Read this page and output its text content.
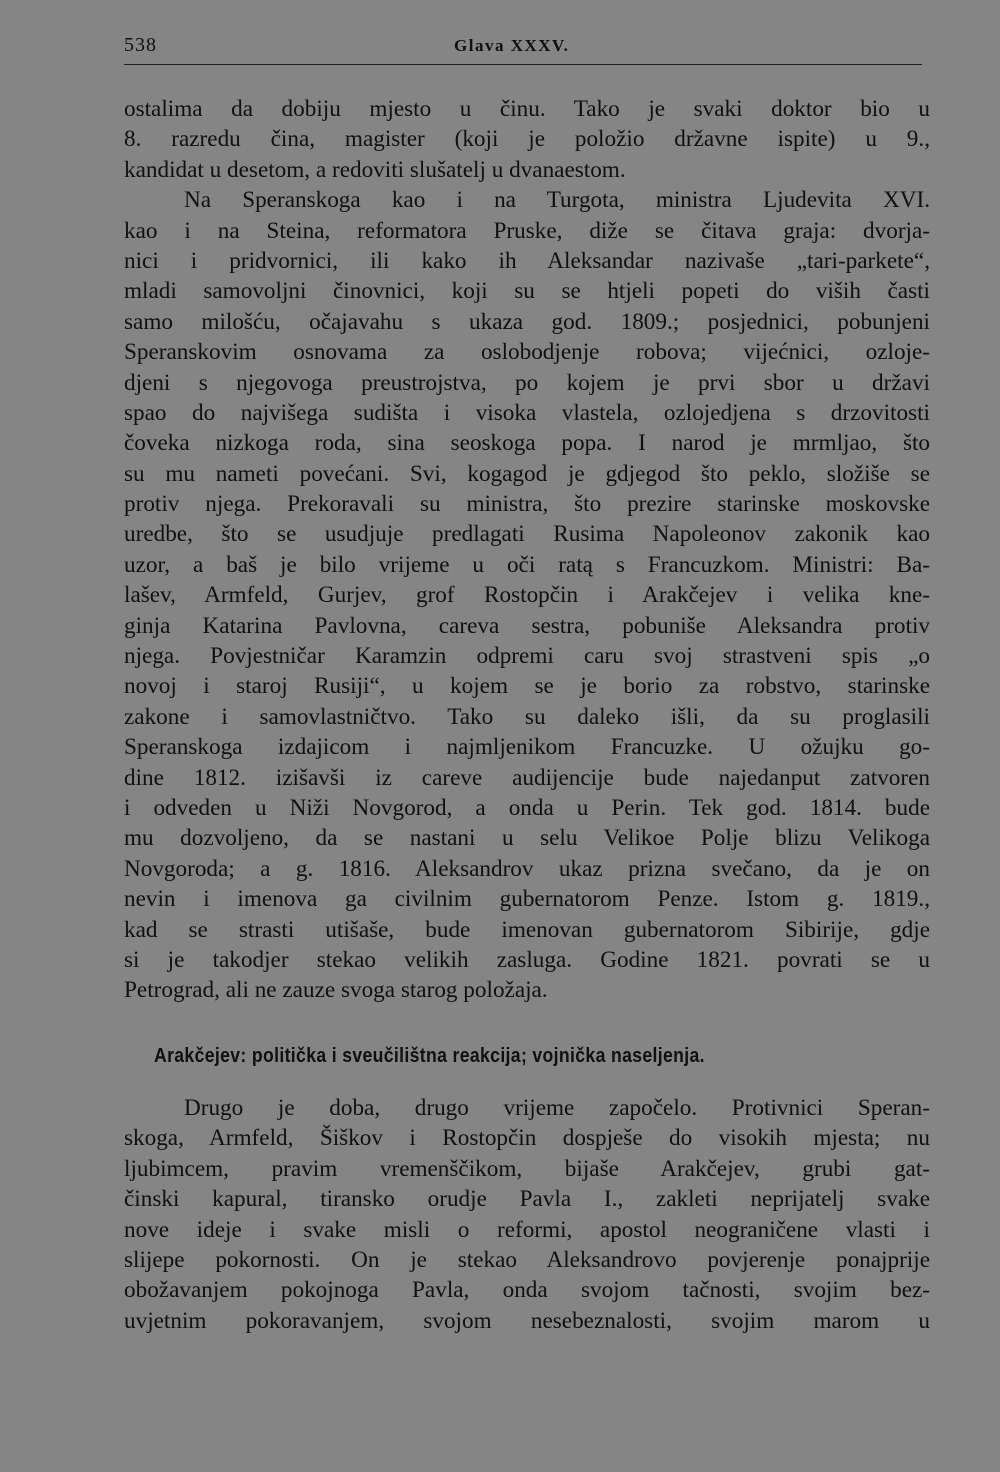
538	Glava XXXV.
ostalima da dobiju mjesto u činu. Tako je svaki doktor bio u
8. razredu čina, magister (koji je položio državne ispite) u 9.,
kandidat u desetom, a redoviti slušatelj u dvanaestom.
Na Speranskoga kao i na Turgota, ministra Ljudevita XVI.
kao i na Steina, reformatora Pruske, diže se čitava graja: dvorja-
nici i pridvornici, ili kako ih Aleksandar nazivaše „tari-parkete“,
mladi samovoljni činovnici, koji su se htjeli popeti do viših časti
samo milošću, očajavahu s ukaza god. 1809.; posjednici, pobunjeni
Speranskovim osnovama za oslobodjenje robova; vijećnici, ozloje-
djeni s njegovoga preustrojstva, po kojem je prvi sbor u državi
spao do najvišega sudišta i visoka vlastela, ozlojedjena s drzovitosti
čoveka nizkoga roda, sina seoskoga popa. I narod je mrmljao, što
su mu nameti povećani. Svi, kogagod je gdjegod što peklo, složiše se
protiv njega. Prekoravali su ministra, što prezire starinske moskovske
uredbe, što se usudjuje predlagati Rusima Napoleonov zakonik kao
uzor, a baš je bilo vrijeme u oči ratą s Francuzkom. Ministri: Ba-
lašev, Armfeld, Gurjev, grof Rostopčin i Arakčejev i velika kne-
ginja Katarina Pavlovna, careva sestra, pobuniše Aleksandra protiv
njega. Povjestničar Karamzin odpremi caru svoj strastveni spis „o
novoj i staroj Rusiji“, u kojem se je borio za robstvo, starinske
zakone i samovlastničtvo. Tako su daleko išli, da su proglasili
Speranskoga izdajicom i najmljenikom Francuzke. U ožujku go-
dine 1812. izišavši iz careve audijencije bude najedanput zatvoren
i odveden u Niži Novgorod, a onda u Perin. Tek god. 1814. bude
mu dozvoljeno, da se nastani u selu Velikoe Polje blizu Velikoga
Novgoroda; a g. 1816. Aleksandrov ukaz prizna svečano, da je on
nevin i imenova ga civilnim gubernatorom Penze. Istom g. 1819.,
kad se strasti utišaše, bude imenovan gubernatorom Sibirije, gdje
si je takodjer stekao velikih zasluga. Godine 1821. povrati se u
Petrograd, ali ne zauze svoga starog položaja.
Arakčejev: politička i sveučilištna reakcija; vojnička naseljenja.
Drugo je doba, drugo vrijeme započelo. Protivnici Speran-
skoga, Armfeld, Šiškov i Rostopčin dospješe do visokih mjesta; nu
ljubimcem, pravim vremenščikom, bijaše Arakčejev, grubi gat-
činski kapural, tiransko orudje Pavla I., zakleti neprijatelj svake
nove ideje i svake misli o reformi, apostol neograničene vlasti i
slijepe pokornosti. On je stekao Aleksandrovo povjerenje ponajprije
obožavanjem pokojnoga Pavla, onda svojom tačnosti, svojim bez-
uvjetnim pokoravanjem, svojom nesebeznalosti, svojim marom u
